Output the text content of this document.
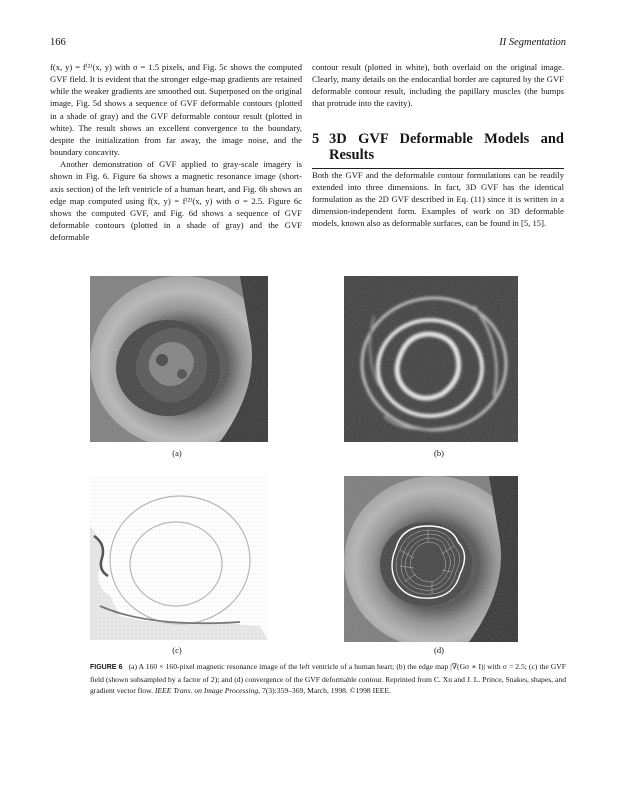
166	II Segmentation

f(x, y) = f⁽²⁾(x, y) with σ = 1.5 pixels, and Fig. 5c shows the computed GVF field. It is evident that the stronger edge-map gradients are retained while the weaker gradients are smoothed out. Superposed on the original image, Fig. 5d shows a sequence of GVF deformable contours (plotted in a shade of gray) and the GVF deformable contour result (plotted in white). The result shows an excellent convergence to the boundary, despite the initialization from far away, the image noise, and the boundary concavity.

Another demonstration of GVF applied to gray-scale imagery is shown in Fig. 6. Figure 6a shows a magnetic resonance image (short-axis section) of the left ventricle of a human heart, and Fig. 6b shows an edge map computed using f(x, y) = f⁽²⁾(x, y) with σ = 2.5. Figure 6c shows the computed GVF, and Fig. 6d shows a sequence of GVF deformable contours (plotted in a shade of gray) and the GVF deformable

contour result (plotted in white), both overlaid on the original image. Clearly, many details on the endocardial border are captured by the GVF deformable contour result, including the papillary muscles (the bumps that protrude into the cavity).

5 3D GVF Deformable Models and Results

Both the GVF and the deformable contour formulations can be readily extended into three dimensions. In fact, 3D GVF has the identical formulation as the 2D GVF described in Eq. (11) since it is written in a dimension-independent form. Examples of work on 3D deformable models, known also as deformable surfaces, can be found in [5, 15].

(a)	(b)
(c)	(d)
FIGURE 6 (a) A 160 × 160-pixel magnetic resonance image of the left ventricle of a human heart; (b) the edge map |∇(Gσ ∗ I)| with σ = 2.5; (c) the GVF field (shown subsampled by a factor of 2); and (d) convergence of the GVF deformable contour. Reprinted from C. Xu and J. L. Prince, Snakes, shapes, and gradient vector flow. IEEE Trans. on Image Processing, 7(3):359–369, March, 1998. ©1998 IEEE.
